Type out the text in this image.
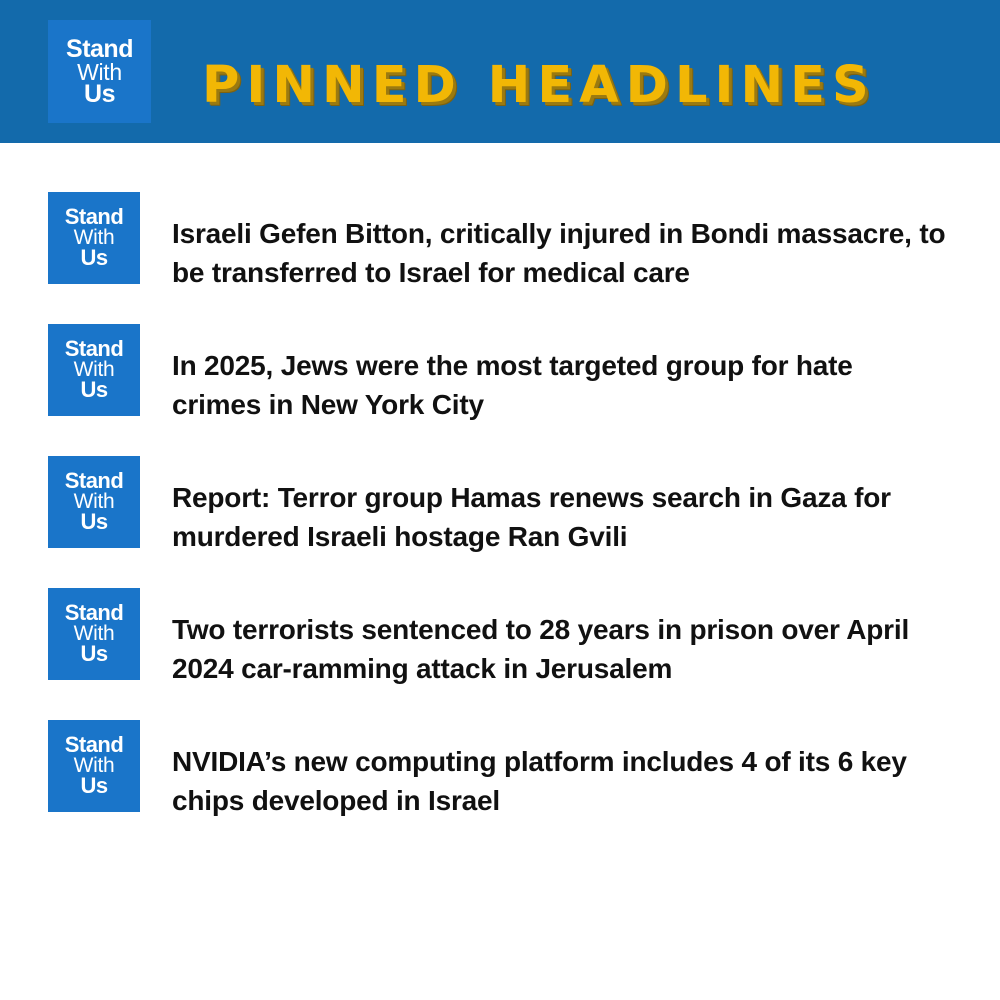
Stand
With
Us PINNED HEADLINES
Stand
With
Us
Israeli Gefen Bitton, critically injured in Bondi massacre, to be transferred to Israel for medical care
Stand
With
Us
In 2025, Jews were the most targeted group for hate crimes in New York City
Stand
With
Us
Report: Terror group Hamas renews search in Gaza for murdered Israeli hostage Ran Gvili
Stand
With
Us
Two terrorists sentenced to 28 years in prison over April 2024 car-ramming attack in Jerusalem
Stand
With
Us
NVIDIA’s new computing platform includes 4 of its 6 key chips developed in Israel
